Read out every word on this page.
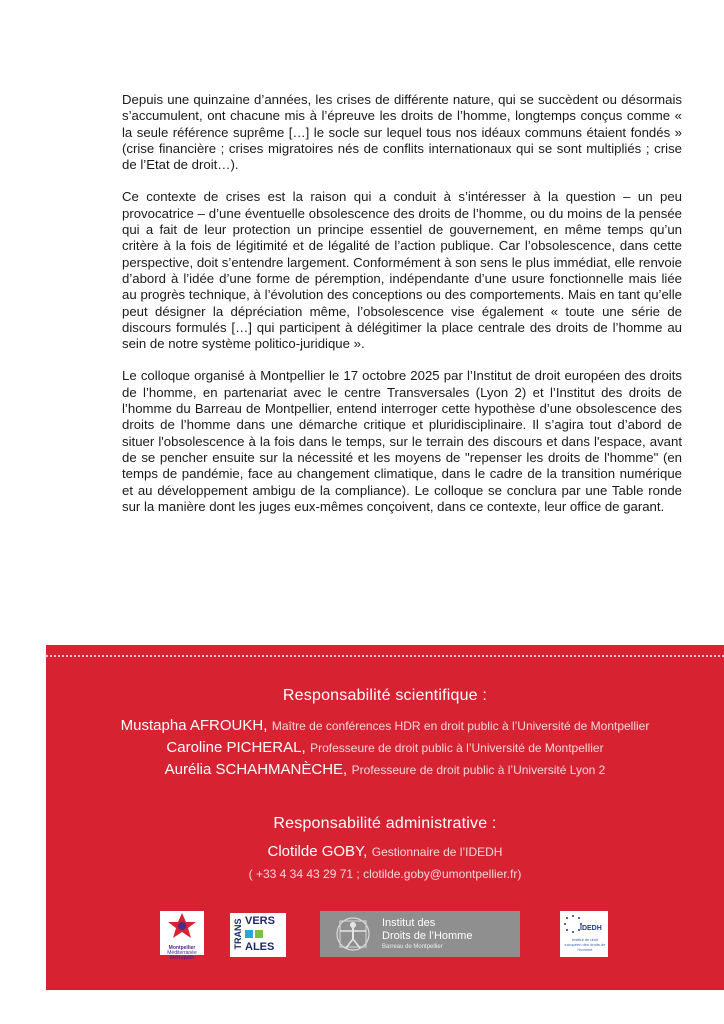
Depuis une quinzaine d’années, les crises de différente nature, qui se succèdent ou désormais s’accumulent, ont chacune mis à l’épreuve les droits de l’homme, longtemps conçus comme « la seule référence suprême […] le socle sur lequel tous nos idéaux communs étaient fondés » (crise financière ; crises migratoires nés de conflits internationaux qui se sont multipliés ; crise de l’Etat de droit…).

Ce contexte de crises est la raison qui a conduit à s’intéresser à la question – un peu provocatrice – d’une éventuelle obsolescence des droits de l’homme, ou du moins de la pensée qui a fait de leur protection un principe essentiel de gouvernement, en même temps qu’un critère à la fois de légitimité et de légalité de l’action publique. Car l’obsolescence, dans cette perspective, doit s’entendre largement. Conformément à son sens le plus immédiat, elle renvoie d’abord à l’idée d’une forme de péremption, indépendante d’une usure fonctionnelle mais liée au progrès technique, à l’évolution des conceptions ou des comportements. Mais en tant qu’elle peut désigner la dépréciation même, l’obsolescence vise également « toute une série de discours formulés […] qui participent à délégitimer la place centrale des droits de l’homme au sein de notre système politico-juridique ».

Le colloque organisé à Montpellier le 17 octobre 2025 par l’Institut de droit européen des droits de l’homme, en partenariat avec le centre Transversales (Lyon 2) et l’Institut des droits de l’homme du Barreau de Montpellier, entend interroger cette hypothèse d’une obsolescence des droits de l’homme dans une démarche critique et pluridisciplinaire. Il s’agira tout d’abord de situer l'obsolescence à la fois dans le temps, sur le terrain des discours et dans l'espace, avant de se pencher ensuite sur la nécessité et les moyens de "repenser les droits de l'homme" (en temps de pandémie, face au changement climatique, dans le cadre de la transition numérique et au développement ambigu de la compliance). Le colloque se conclura par une Table ronde sur la manière dont les juges eux-mêmes conçoivent, dans ce contexte, leur office de garant.

Responsabilité scientifique :
Mustapha AFROUKH, Maître de conférences HDR en droit public à l’Université de Montpellier
Caroline PICHERAL, Professeure de droit public à l’Université de Montpellier
Aurélia SCHAHMANÈCHE, Professeure de droit public à l’Université Lyon 2
Responsabilité administrative :
Clotilde GOBY, Gestionnaire de l’IDEDH
( +33 4 34 43 29 71 ; clotilde.goby@umontpellier.fr)
Montpellier
Méditerranée
Métropole
TRANS VERS
ALES
Institut des
Droits de l’Homme
Barreau de Montpellier
IDEDH
Institut de droit européen des droits de l'homme
